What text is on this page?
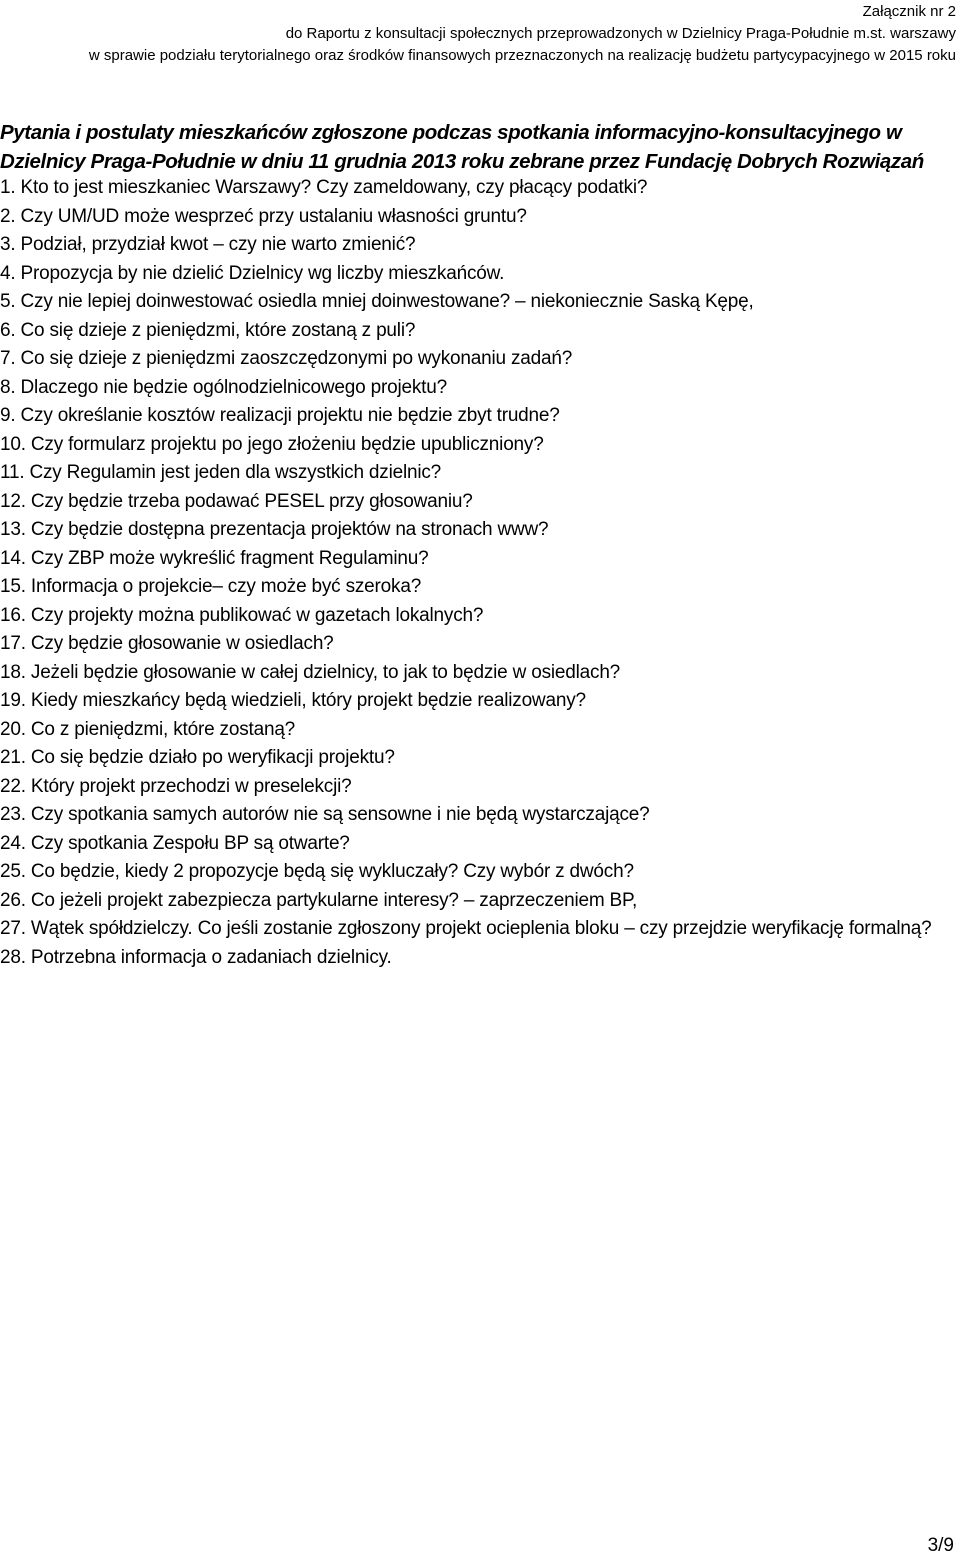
Załącznik nr 2
do Raportu z konsultacji społecznych przeprowadzonych w Dzielnicy Praga-Południe m.st. warszawy
w sprawie podziału terytorialnego oraz środków finansowych przeznaczonych na realizację budżetu partycypacyjnego w 2015 roku
Pytania i postulaty mieszkańców zgłoszone podczas spotkania informacyjno-konsultacyjnego w Dzielnicy Praga-Południe w dniu 11 grudnia 2013 roku zebrane przez Fundację Dobrych Rozwiązań
1. Kto to jest mieszkaniec Warszawy? Czy zameldowany, czy płacący podatki?
2. Czy UM/UD może wesprzeć przy ustalaniu własności gruntu?
3. Podział, przydział kwot – czy nie warto zmienić?
4. Propozycja by nie dzielić Dzielnicy wg liczby mieszkańców.
5. Czy nie lepiej doinwestować osiedla mniej doinwestowane? – niekoniecznie Saską Kępę,
6. Co się dzieje z pieniędzmi, które zostaną z puli?
7. Co się dzieje z pieniędzmi zaoszczędzonymi po wykonaniu zadań?
8. Dlaczego nie będzie ogólnodzielnicowego projektu?
9. Czy określanie kosztów realizacji projektu nie będzie zbyt trudne?
10. Czy formularz projektu po jego złożeniu będzie upubliczniony?
11. Czy Regulamin jest jeden dla wszystkich dzielnic?
12. Czy będzie trzeba podawać PESEL przy głosowaniu?
13. Czy będzie dostępna prezentacja projektów na stronach www?
14. Czy ZBP może wykreślić fragment Regulaminu?
15. Informacja o projekcie– czy może być szeroka?
16. Czy projekty można publikować w gazetach lokalnych?
17. Czy będzie głosowanie w osiedlach?
18. Jeżeli będzie głosowanie w całej dzielnicy, to jak to będzie w osiedlach?
19. Kiedy mieszkańcy będą wiedzieli, który projekt będzie realizowany?
20. Co z pieniędzmi, które zostaną?
21. Co się będzie działo po weryfikacji projektu?
22. Który projekt przechodzi w preselekcji?
23. Czy spotkania samych autorów nie są sensowne i nie będą wystarczające?
24. Czy spotkania Zespołu BP są otwarte?
25. Co będzie, kiedy 2 propozycje będą się wykluczały? Czy wybór z dwóch?
26. Co jeżeli projekt zabezpiecza partykularne interesy? – zaprzeczeniem BP,
27. Wątek spółdzielczy. Co jeśli zostanie zgłoszony projekt ocieplenia bloku – czy przejdzie weryfikację formalną?
28. Potrzebna informacja o zadaniach dzielnicy.
3/9
